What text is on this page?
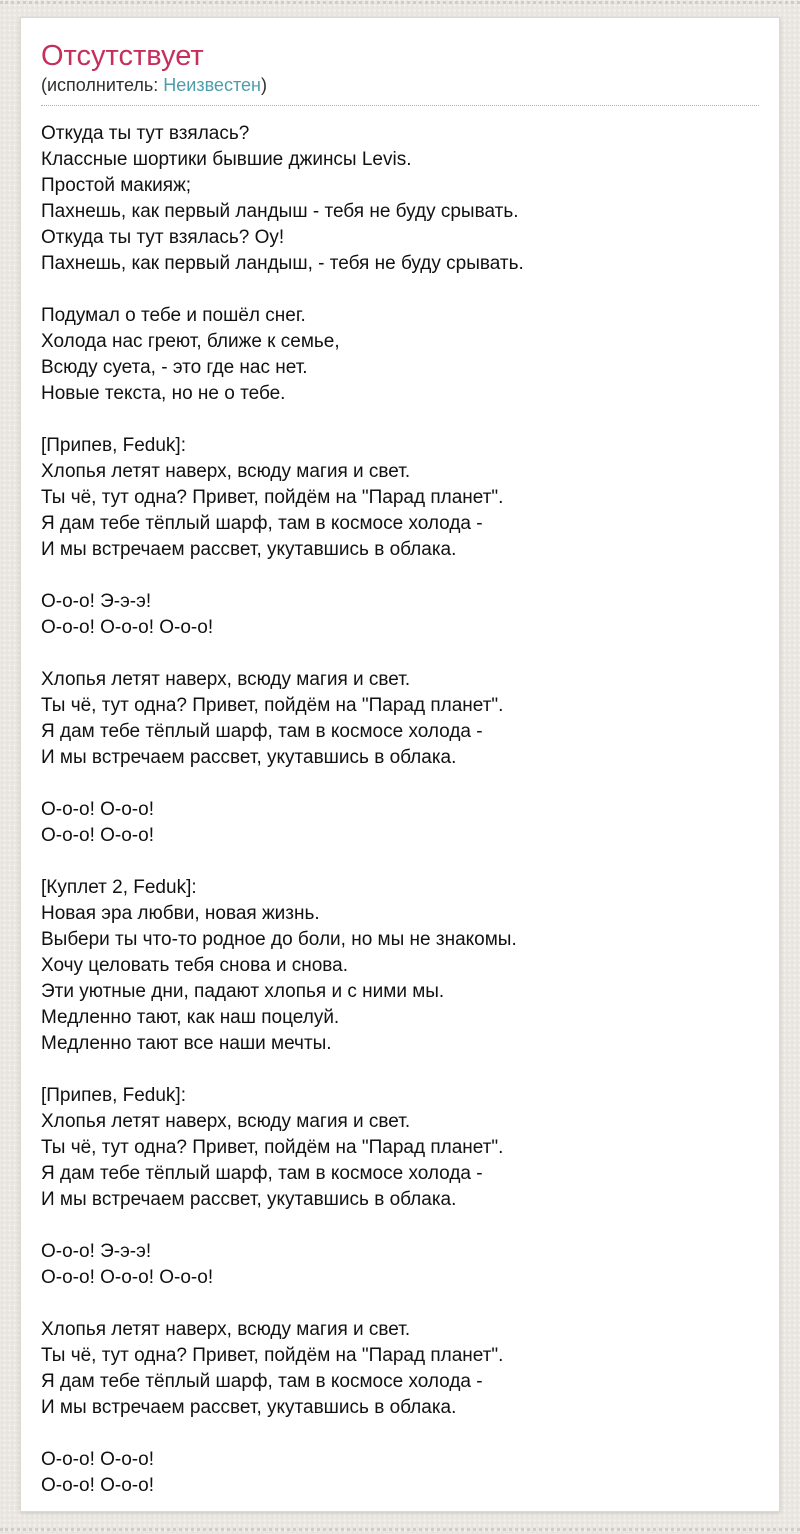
Отсутствует
(исполнитель: Неизвестен)

Откуда ты тут взялась?
Классные шортики бывшие джинсы Levis.
Простой макияж;
Пахнешь, как первый ландыш - тебя не буду срывать.
Откуда ты тут взялась? Оу!
Пахнешь, как первый ландыш, - тебя не буду срывать.

Подумал о тебе и пошёл снег.
Холода нас греют, ближе к семье,
Всюду суета, - это где нас нет.
Новые текста, но не о тебе.

[Припев, Feduk]:
Хлопья летят наверх, всюду магия и свет.
Ты чё, тут одна? Привет, пойдём на "Парад планет".
Я дам тебе тёплый шарф, там в космосе холода -
И мы встречаем рассвет, укутавшись в облака.

О-о-о! Э-э-э!
О-о-о! О-о-о! О-о-о!

Хлопья летят наверх, всюду магия и свет.
Ты чё, тут одна? Привет, пойдём на "Парад планет".
Я дам тебе тёплый шарф, там в космосе холода -
И мы встречаем рассвет, укутавшись в облака.

О-о-о! О-о-о!
О-о-о! О-о-о!

[Куплет 2, Feduk]:
Новая эра любви, новая жизнь.
Выбери ты что-то родное до боли, но мы не знакомы.
Хочу целовать тебя снова и снова.
Эти уютные дни, падают хлопья и с ними мы.
Медленно тают, как наш поцелуй.
Медленно тают все наши мечты.

[Припев, Feduk]:
Хлопья летят наверх, всюду магия и свет.
Ты чё, тут одна? Привет, пойдём на "Парад планет".
Я дам тебе тёплый шарф, там в космосе холода -
И мы встречаем рассвет, укутавшись в облака.

О-о-о! Э-э-э!
О-о-о! О-о-о! О-о-о!

Хлопья летят наверх, всюду магия и свет.
Ты чё, тут одна? Привет, пойдём на "Парад планет".
Я дам тебе тёплый шарф, там в космосе холода -
И мы встречаем рассвет, укутавшись в облака.

О-о-о! О-о-о!
О-о-о! О-о-о!
